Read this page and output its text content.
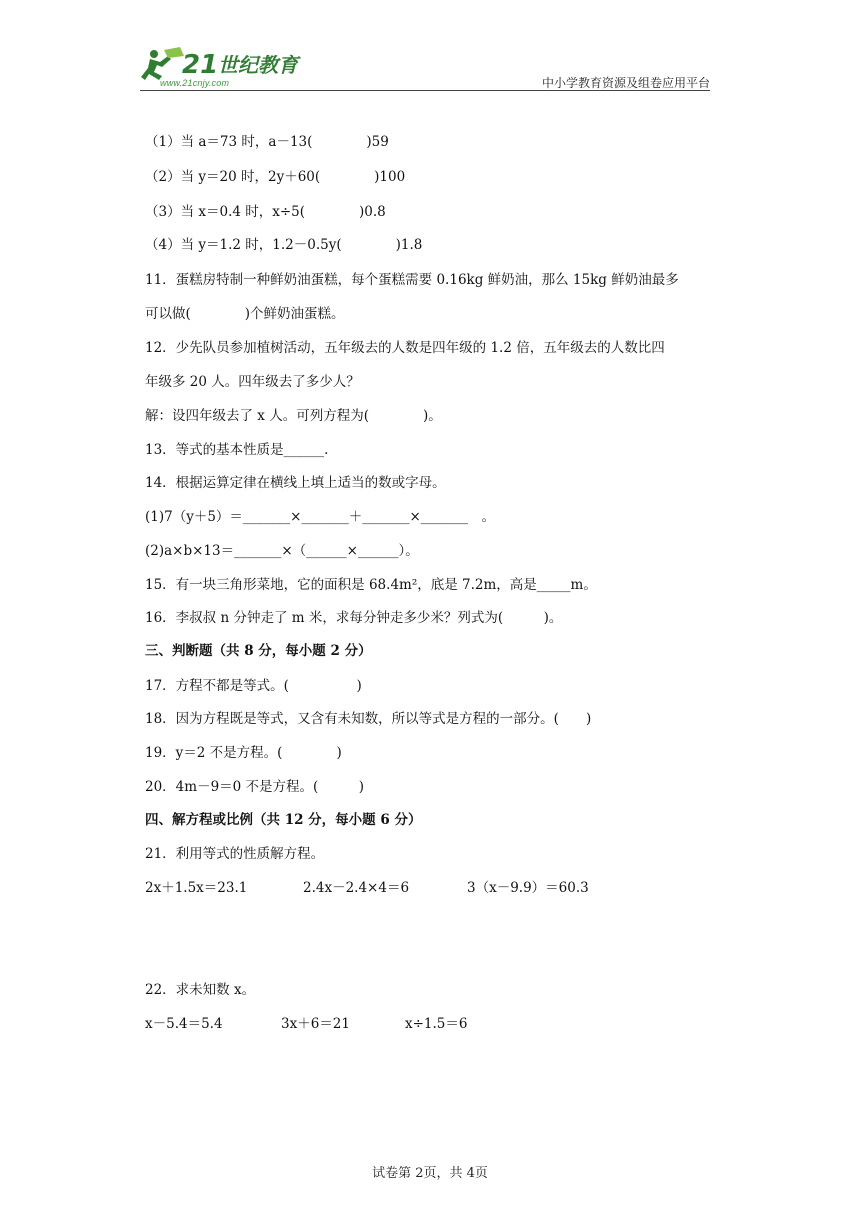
21 世纪教育
www.21cnjy.com	中小学教育资源及组卷应用平台
（1）当 a＝73 时，a－13(　　　　)59
（2）当 y＝20 时，2y＋60(　　　　)100
（3）当 x＝0.4 时，x÷5(　　　　)0.8
（4）当 y＝1.2 时，1.2－0.5y(　　　　)1.8
11．蛋糕房特制一种鲜奶油蛋糕，每个蛋糕需要 0.16kg 鲜奶油，那么 15kg 鲜奶油最多
可以做(　　　　)个鲜奶油蛋糕。
12．少先队员参加植树活动，五年级去的人数是四年级的 1.2 倍，五年级去的人数比四
年级多 20 人。四年级去了多少人？
解：设四年级去了 x 人。可列方程为(　　　　)。
13．等式的基本性质是______.
14．根据运算定律在横线上填上适当的数或字母。
(1)7（y＋5）＝_______×_______＋_______×_______　。
(2)a×b×13＝_______×（______×______）。
15．有一块三角形菜地，它的面积是 68.4m²，底是 7.2m，高是_____m。
16．李叔叔 n 分钟走了 m 米，求每分钟走多少米？列式为(　　　)。
三、判断题（共 8 分，每小题 2 分）
17．方程不都是等式。(　　　　　)
18．因为方程既是等式，又含有未知数，所以等式是方程的一部分。(　　)
19．y＝2 不是方程。(　　　　)
20．4m－9＝0 不是方程。(　　　)
四、解方程或比例（共 12 分，每小题 6 分）
21．利用等式的性质解方程。
2x＋1.5x＝23.1	2.4x－2.4×4＝6	3（x－9.9）＝60.3
22．求未知数 x。
x－5.4＝5.4	3x＋6＝21	x÷1.5＝6
试卷第 2页，共 4页
